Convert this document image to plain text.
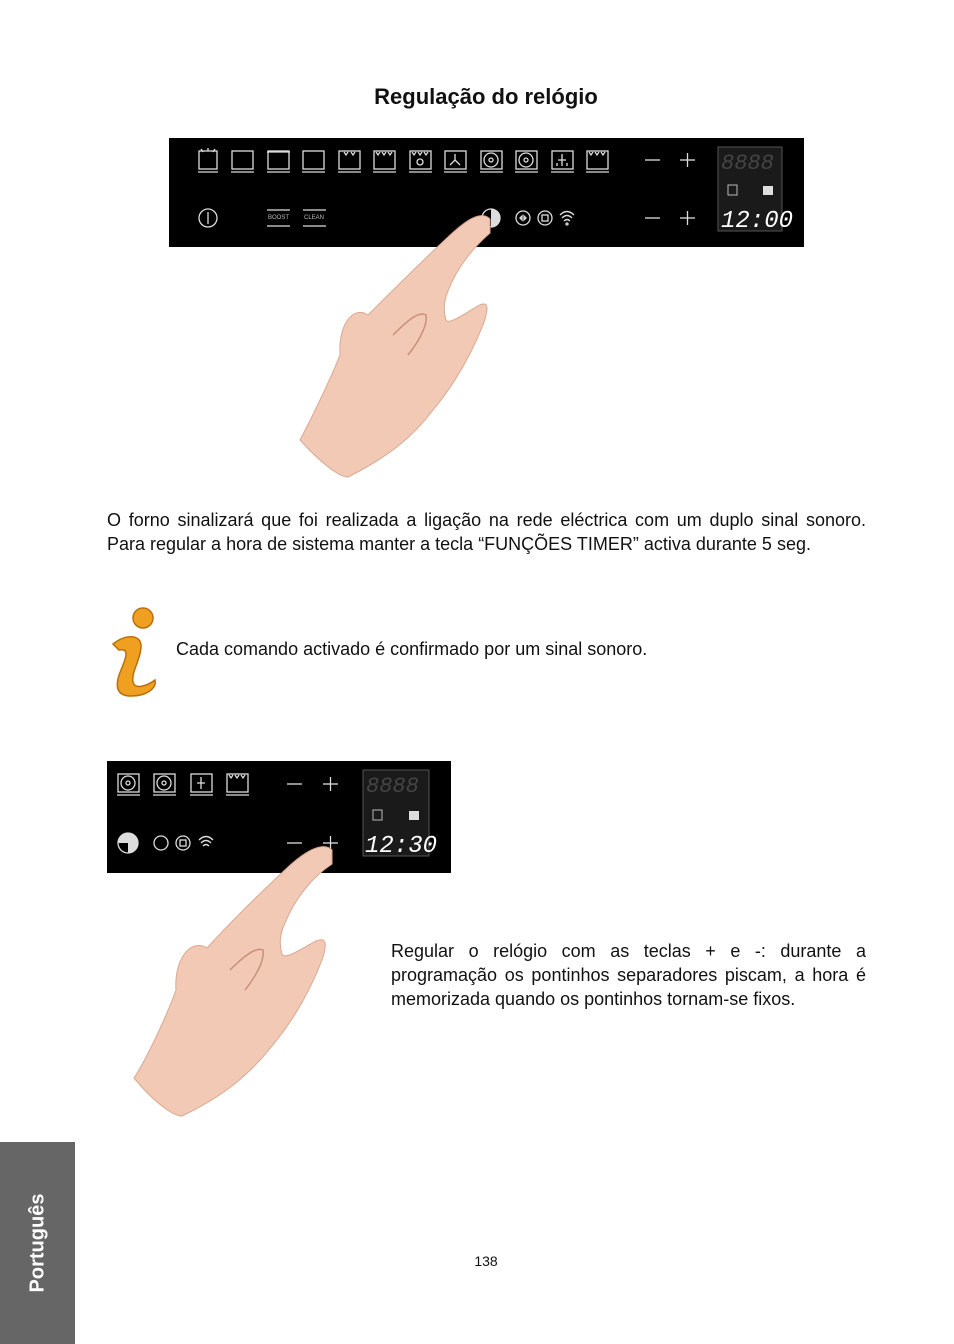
Regulação do relógio
BOOST CLEAN
8888
12:00

O forno sinalizará que foi realizada a ligação na rede eléctrica com um duplo sinal sonoro. Para regular a hora de sistema manter a tecla “FUNÇÕES TIMER” activa durante 5 seg.

Cada comando activado é confirmado por um sinal sonoro.
8888
12:30

Regular o relógio com as teclas + e -: durante a programação os pontinhos separadores piscam, a hora é memorizada quando os pontinhos tornam-se fixos.

Português	138
